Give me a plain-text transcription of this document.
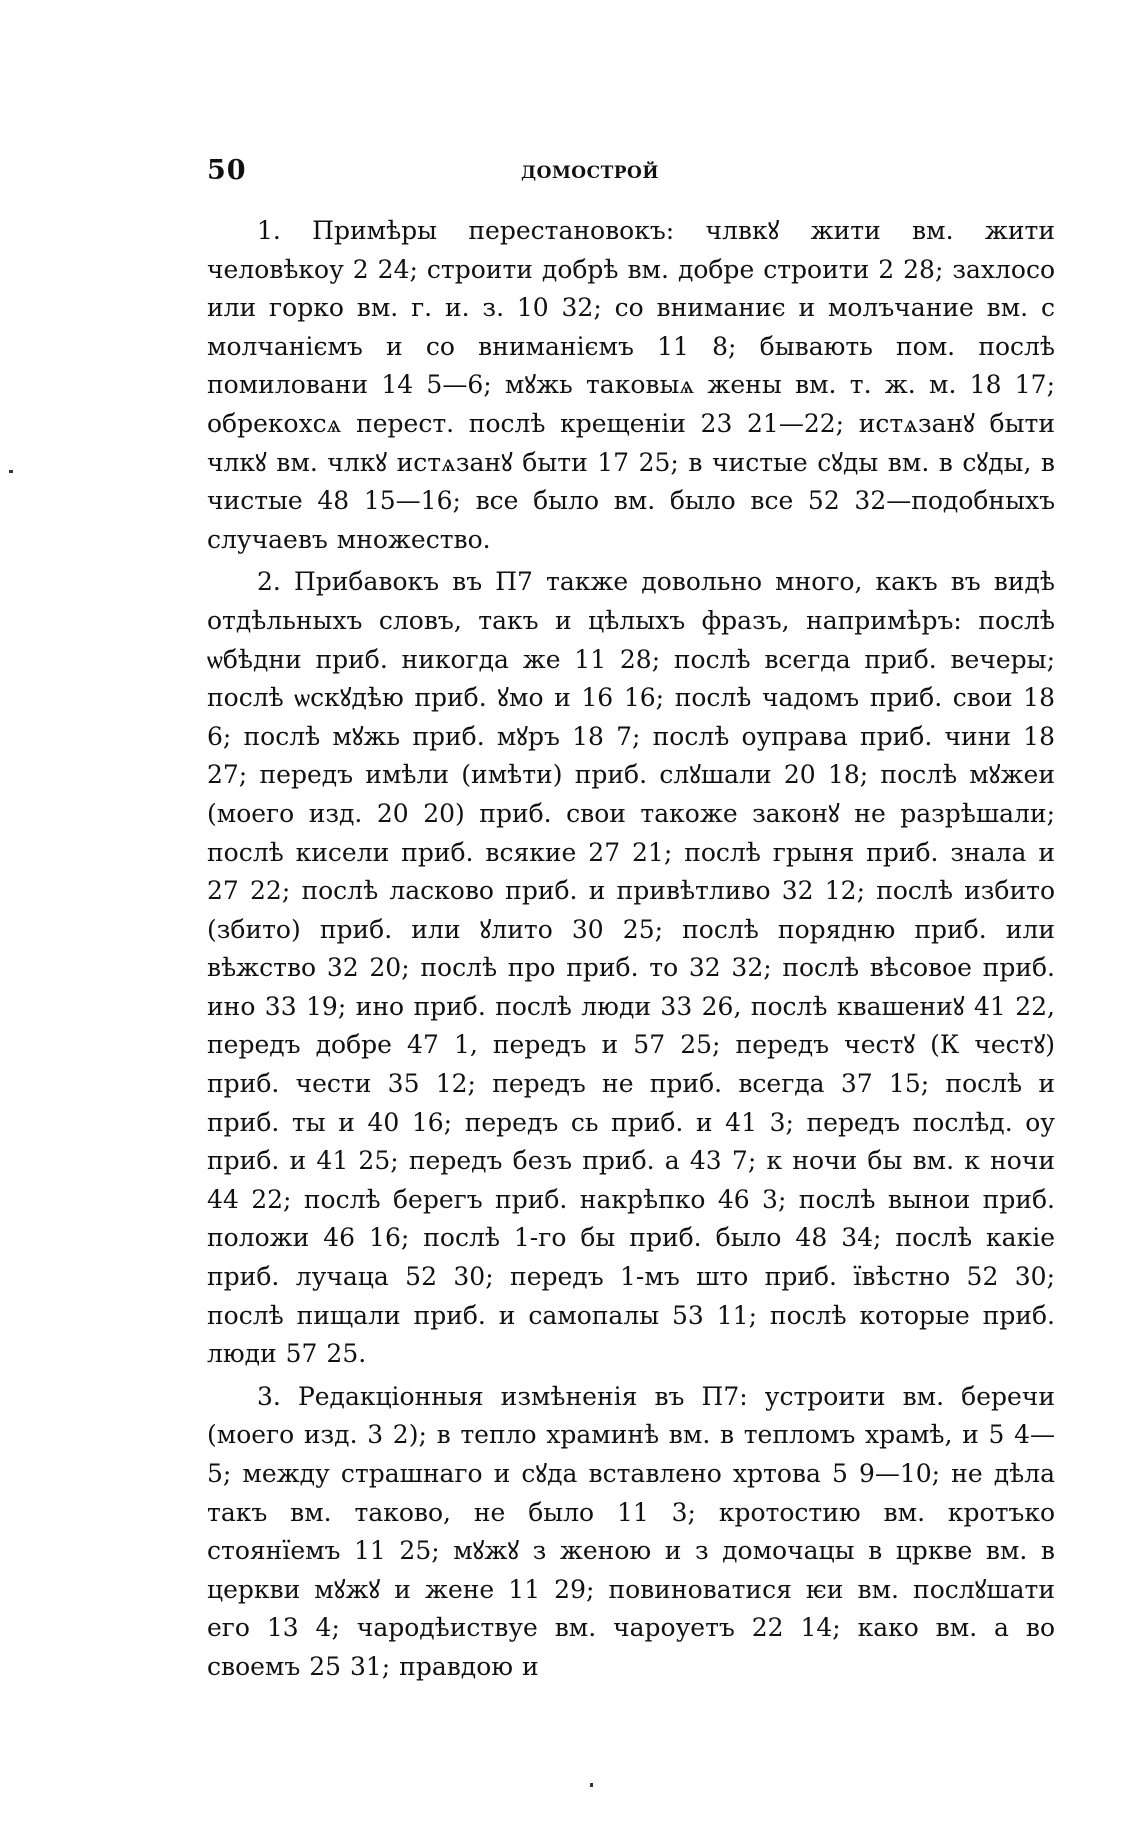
50	ДОМОСТРОЙ

1. Примѣры перестановокъ: члвкꙋ жити вм. жити человѣкоу 2 24; строити добрѣ вм. добре строити 2 28; захлосо или горко вм. г. и. з. 10 32; со вниманиє и молъчание вм. с молчаніємъ и со вниманіємъ 11 8; бывають пом. послѣ помиловани 14 5—6; мꙋжь таковыѧ жены вм. т. ж. м. 18 17; обрекохсѧ перест. послѣ крещеніи 23 21—22; истѧзанꙋ быти члкꙋ вм. члкꙋ истѧзанꙋ быти 17 25; в чистые сꙋды вм. в сꙋды, в чистые 48 15—16; все было вм. было все 52 32—подобныхъ случаевъ множество.

2. Прибавокъ въ П7 также довольно много, какъ въ видѣ отдѣльныхъ словъ, такъ и цѣлыхъ фразъ, напримѣръ: послѣ ѡбѣдни приб. никогда же 11 28; послѣ всегда приб. вечеры; послѣ ѡскꙋдѣю приб. ꙋмо и 16 16; послѣ чадомъ приб. свои 18 6; послѣ мꙋжь приб. мꙋръ 18 7; послѣ оуправа приб. чини 18 27; передъ имѣли (имѣти) приб. слꙋшали 20 18; послѣ мꙋжеи (моего изд. 20 20) приб. свои такоже законꙋ не разрѣшали; послѣ кисели приб. всякие 27 21; послѣ грыня приб. знала и 27 22; послѣ ласково приб. и привѣтливо 32 12; послѣ избито (збито) приб. или ꙋлито 30 25; послѣ порядню приб. или вѣжство 32 20; послѣ про приб. то 32 32; послѣ вѣсовое приб. ино 33 19; ино приб. послѣ люди 33 26, послѣ квашениꙋ 41 22, передъ добре 47 1, передъ и 57 25; передъ честꙋ (К честꙋ) приб. чести 35 12; передъ не приб. всегда 37 15; послѣ и приб. ты и 40 16; передъ сь приб. и 41 3; передъ послѣд. оу приб. и 41 25; передъ безъ приб. а 43 7; к ночи бы вм. к ночи 44 22; послѣ берегъ приб. накрѣпко 46 3; послѣ вынои приб. положи 46 16; послѣ 1-го бы приб. было 48 34; послѣ какіе приб. лучаца 52 30; передъ 1-мъ што приб. ївѣстно 52 30; послѣ пищали приб. и самопалы 53 11; послѣ которые приб. люди 57 25.

3. Редакціонныя измѣненія въ П7: устроити вм. беречи (моего изд. 3 2); в тепло храминѣ вм. в тепломъ храмѣ, и 5 4—5; между страшнаго и сꙋда вставлено хртова 5 9—10; не дѣла такъ вм. таково, не было 11 3; кротостию вм. кротъко стоянїемъ 11 25; мꙋжꙋ з женою и з домочацы в цркве вм. в церкви мꙋжꙋ и жене 11 29; повиноватися ѥи вм. послꙋшати его 13 4; чародѣиствуе вм. чароуетъ 22 14; како вм. а во своемъ 25 31; правдою и
